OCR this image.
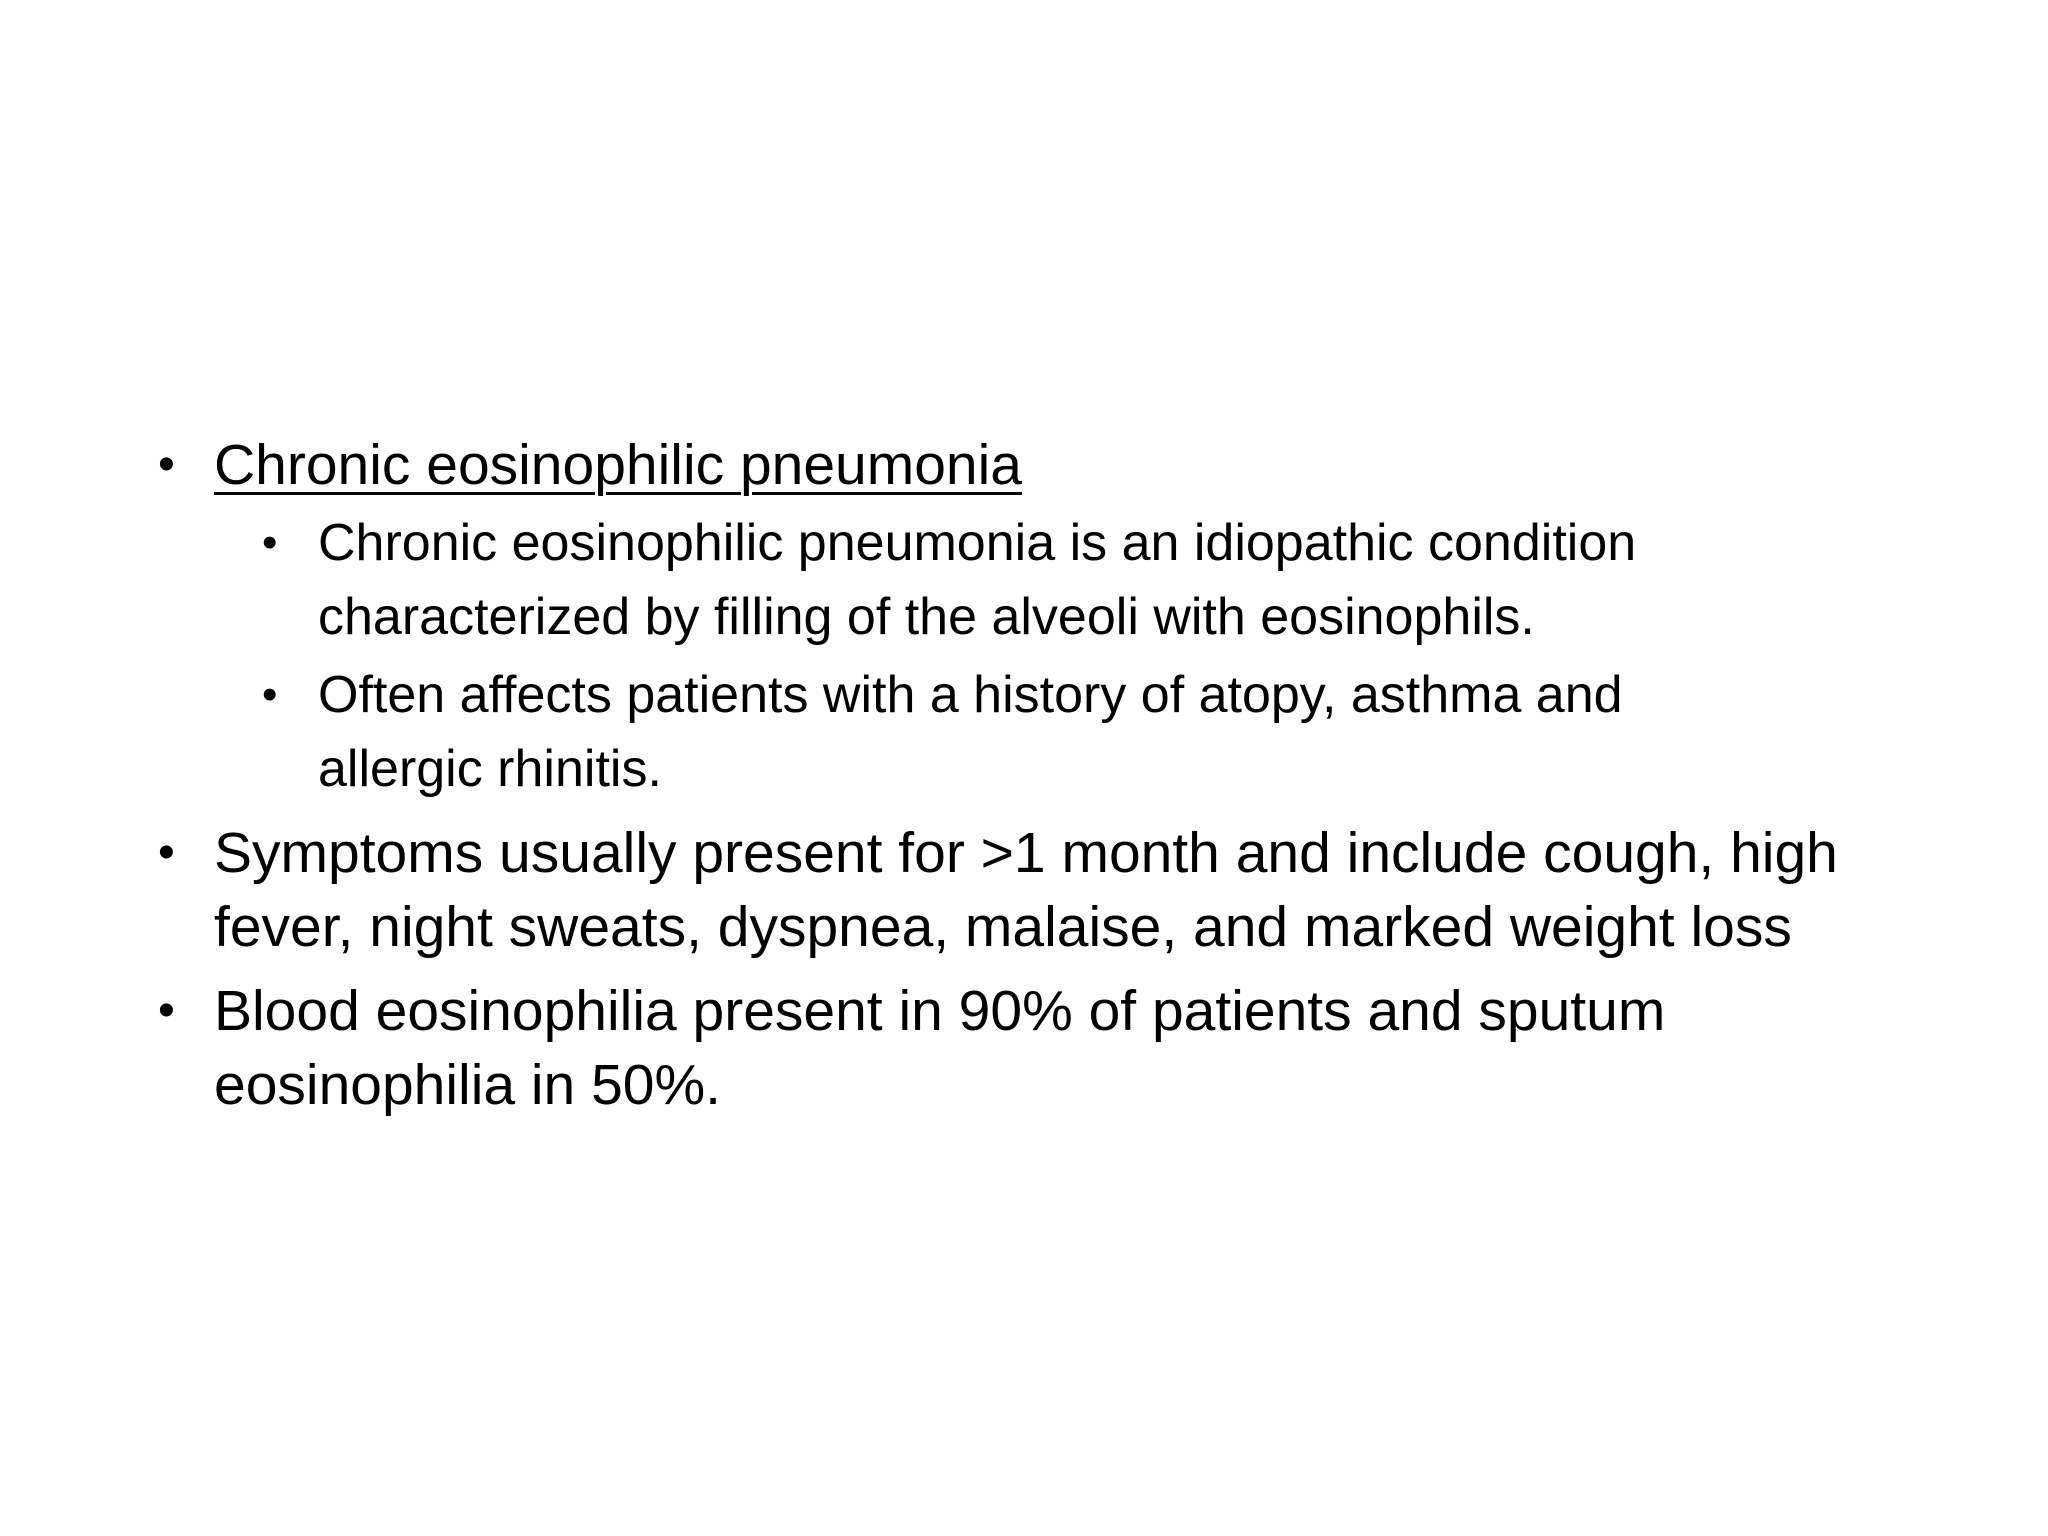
• Chronic eosinophilic pneumonia
• Chronic eosinophilic pneumonia is an idiopathic condition characterized by filling of the alveoli with eosinophils.
• Often affects patients with a history of atopy, asthma and allergic rhinitis.
• Symptoms usually present for >1 month and include cough, high fever, night sweats, dyspnea, malaise, and marked weight loss
• Blood eosinophilia present in 90% of patients and sputum eosinophilia in 50%.
